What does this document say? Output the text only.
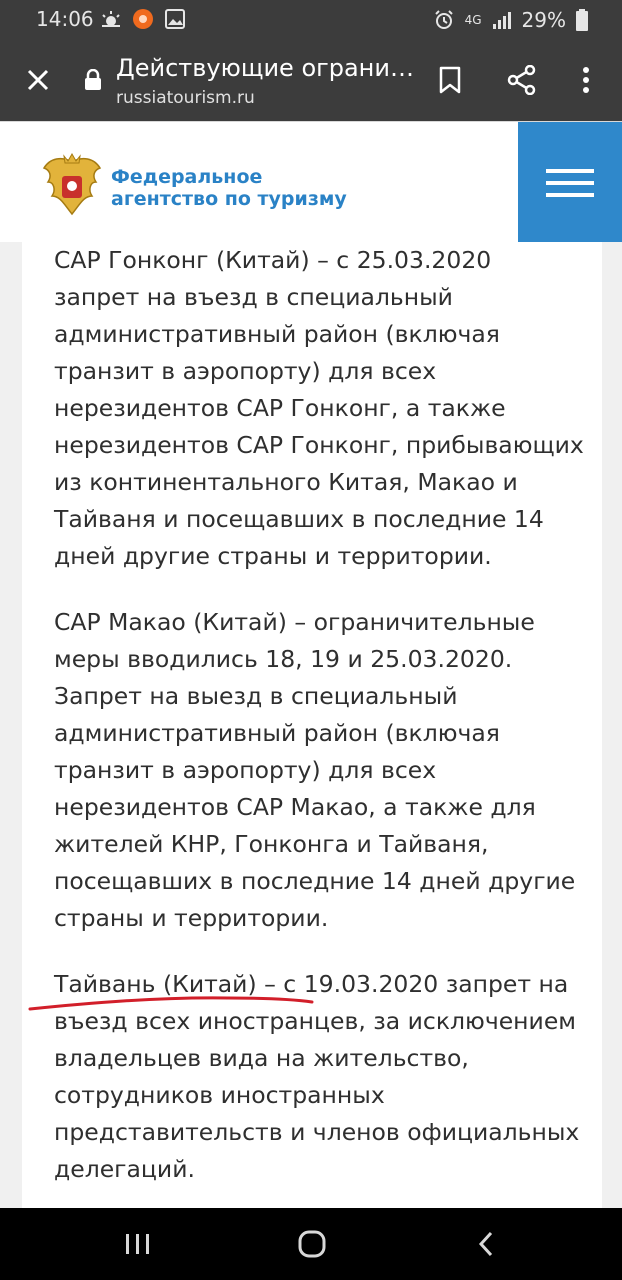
14:06	4G 29%
Действующие ограни…
russiatourism.ru
Федеральное
агентство по туризму
САР Гонконг (Китай) – с 25.03.2020 запрет на въезд в специальный административный район (включая транзит в аэропорту) для всех нерезидентов САР Гонконг, а также нерезидентов САР Гонконг, прибывающих из континентального Китая, Макао и Тайваня и посещавших в последние 14 дней другие страны и территории.
САР Макао (Китай) – ограничительные меры вводились 18, 19 и 25.03.2020. Запрет на выезд в специальный административный район (включая транзит в аэропорту) для всех нерезидентов САР Макао, а также для жителей КНР, Гонконга и Тайваня, посещавших в последние 14 дней другие страны и территории.
Тайвань (Китай) – с 19.03.2020 запрет на въезд всех иностранцев, за исключением владельцев вида на жительство, сотрудников иностранных представительств и членов официальных делегаций.
